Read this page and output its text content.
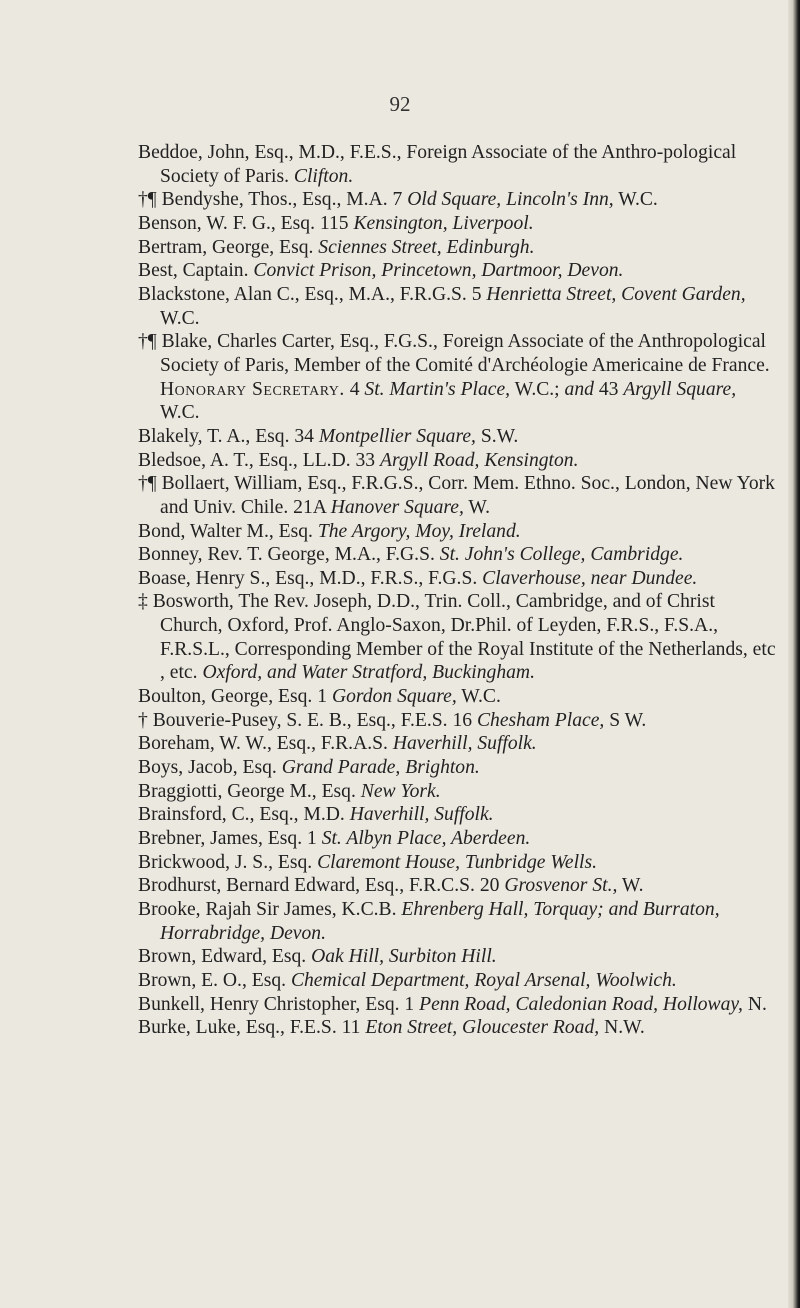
92

Beddoe, John, Esq., M.D., F.E.S., Foreign Associate of the Anthro-pological Society of Paris. Clifton.

†¶ Bendyshe, Thos., Esq., M.A. 7 Old Square, Lincoln's Inn, W.C.

Benson, W. F. G., Esq. 115 Kensington, Liverpool.

Bertram, George, Esq. Sciennes Street, Edinburgh.

Best, Captain. Convict Prison, Princetown, Dartmoor, Devon.

Blackstone, Alan C., Esq., M.A., F.R.G.S. 5 Henrietta Street, Covent Garden, W.C.

†¶ Blake, Charles Carter, Esq., F.G.S., Foreign Associate of the Anthropological Society of Paris, Member of the Comité d'Archéologie Americaine de France. Honorary Secretary. 4 St. Martin's Place, W.C.; and 43 Argyll Square, W.C.

Blakely, T. A., Esq. 34 Montpellier Square, S.W.

Bledsoe, A. T., Esq., LL.D. 33 Argyll Road, Kensington.

†¶ Bollaert, William, Esq., F.R.G.S., Corr. Mem. Ethno. Soc., London, New York and Univ. Chile. 21A Hanover Square, W.

Bond, Walter M., Esq. The Argory, Moy, Ireland.

Bonney, Rev. T. George, M.A., F.G.S. St. John's College, Cambridge.

Boase, Henry S., Esq., M.D., F.R.S., F.G.S. Claverhouse, near Dundee.

‡ Bosworth, The Rev. Joseph, D.D., Trin. Coll., Cambridge, and of Christ Church, Oxford, Prof. Anglo-Saxon, Dr.Phil. of Leyden, F.R.S., F.S.A., F.R.S.L., Corresponding Member of the Royal Institute of the Netherlands, etc , etc. Oxford, and Water Stratford, Buckingham.

Boulton, George, Esq. 1 Gordon Square, W.C.

† Bouverie-Pusey, S. E. B., Esq., F.E.S. 16 Chesham Place, S W.

Boreham, W. W., Esq., F.R.A.S. Haverhill, Suffolk.

Boys, Jacob, Esq. Grand Parade, Brighton.

Braggiotti, George M., Esq. New York.

Brainsford, C., Esq., M.D. Haverhill, Suffolk.

Brebner, James, Esq. 1 St. Albyn Place, Aberdeen.

Brickwood, J. S., Esq. Claremont House, Tunbridge Wells.

Brodhurst, Bernard Edward, Esq., F.R.C.S. 20 Grosvenor St., W.

Brooke, Rajah Sir James, K.C.B. Ehrenberg Hall, Torquay; and Burraton, Horrabridge, Devon.

Brown, Edward, Esq. Oak Hill, Surbiton Hill.

Brown, E. O., Esq. Chemical Department, Royal Arsenal, Woolwich.

Bunkell, Henry Christopher, Esq. 1 Penn Road, Caledonian Road, Holloway, N.

Burke, Luke, Esq., F.E.S. 11 Eton Street, Gloucester Road, N.W.
